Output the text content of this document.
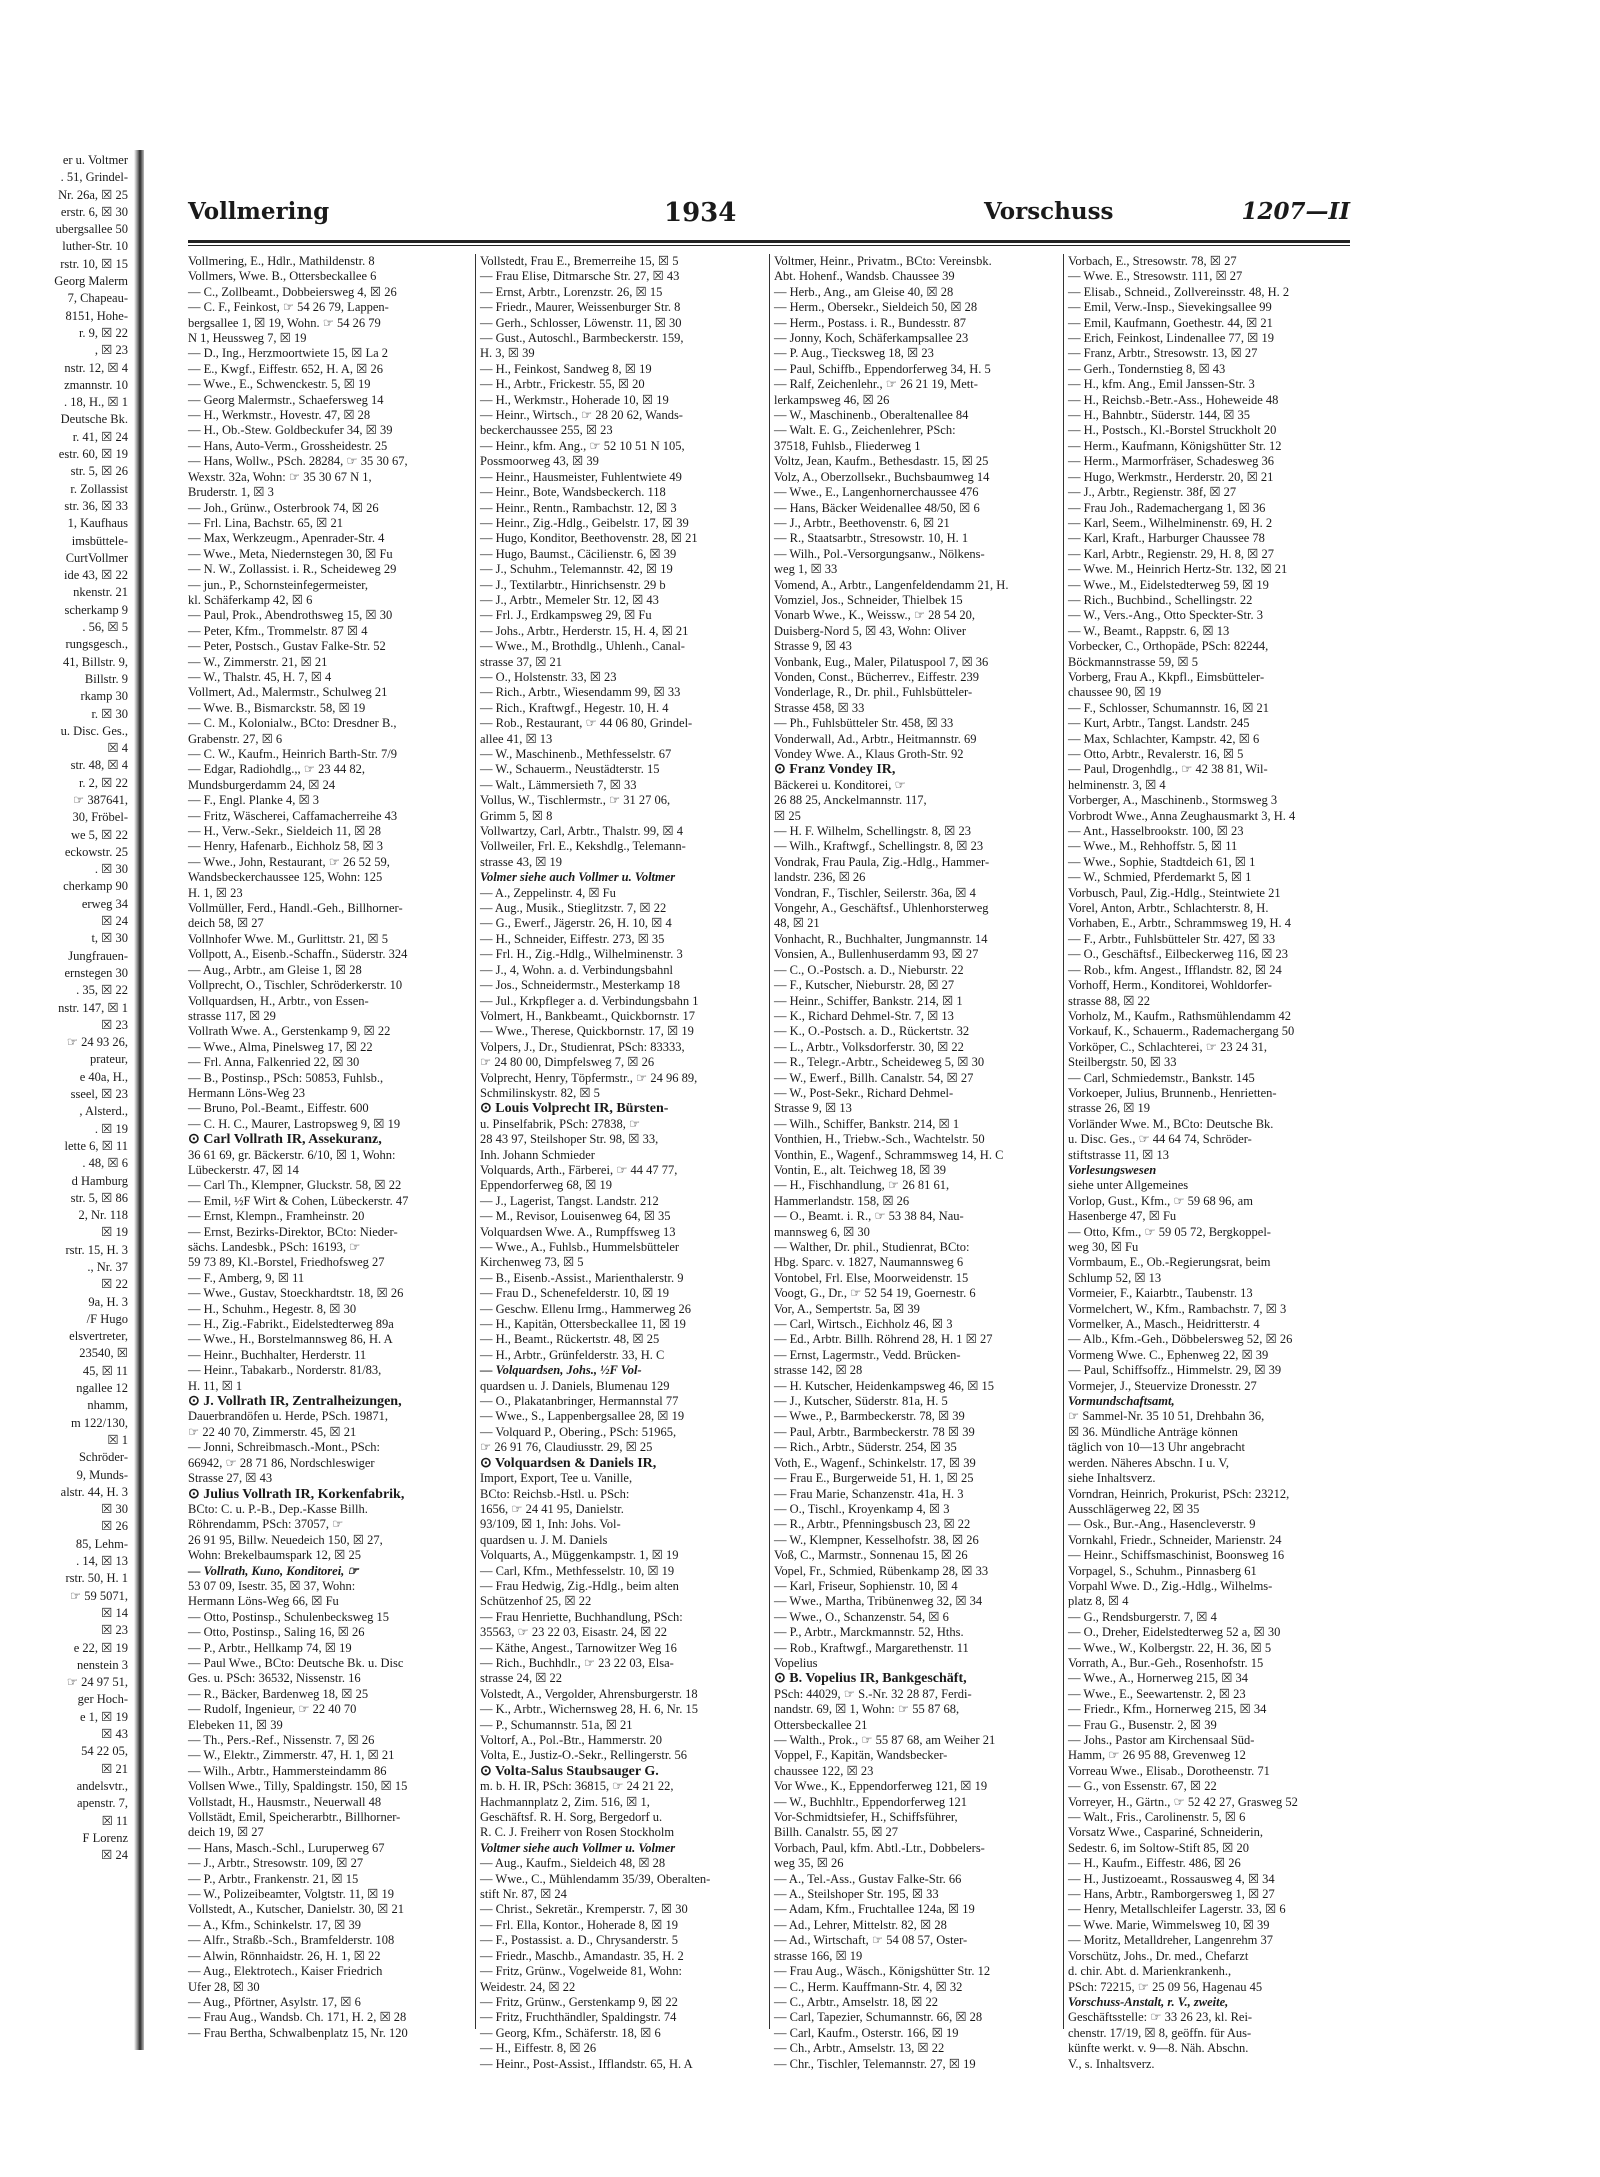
er u. Voltmer
. 51, Grindel-
Nr. 26a, ☒ 25
erstr. 6, ☒ 30
ubergsallee 50
luther-Str. 10
rstr. 10, ☒ 15
Georg Malerm
7, Chapeau-
8151, Hohe-
r. 9, ☒ 22
, ☒ 23
nstr. 12, ☒ 4
zmannstr. 10
. 18, H., ☒ 1
Deutsche Bk.
r. 41, ☒ 24
estr. 60, ☒ 19
str. 5, ☒ 26
r. Zollassist
str. 36, ☒ 33
1, Kaufhaus
imsbüttele-
CurtVollmer
ide 43, ☒ 22
nkenstr. 21
scherkamp 9
. 56, ☒ 5
rungsgesch.,
41, Billstr. 9,
Billstr. 9
rkamp 30
r. ☒ 30
u. Disc. Ges.,
☒ 4
str. 48, ☒ 4
r. 2, ☒ 22
☞ 387641,
30, Fröbel-
we 5, ☒ 22
eckowstr. 25
. ☒ 30
cherkamp 90
erweg 34
☒ 24
t, ☒ 30
Jungfrauen-
ernstegen 30
. 35, ☒ 22
nstr. 147, ☒ 1
☒ 23
☞ 24 93 26,
prateur,
e 40a, H.,
sseel, ☒ 23
, Alsterd.,
. ☒ 19
lette 6, ☒ 11
. 48, ☒ 6
d Hamburg
str. 5, ☒ 86
2, Nr. 118
☒ 19
rstr. 15, H. 3
., Nr. 37
☒ 22
9a, H. 3
/F Hugo
elsvertreter,
23540, ☒
45, ☒ 11
ngallee 12
nhamm,
m 122/130,
☒ 1
Schröder-
9, Munds-
alstr. 44, H. 3
☒ 30
☒ 26
85, Lehm-
. 14, ☒ 13
rstr. 50, H. 1
☞ 59 5071,
☒ 14
☒ 23
e 22, ☒ 19
nenstein 3
☞ 24 97 51,
ger Hoch-
e 1, ☒ 19
☒ 43
54 22 05,
☒ 21
andelsvtr.,
apenstr. 7,
☒ 11
F Lorenz
☒ 24
Vollmering	1934	Vorschuss	1207—II
Vollmering, E., Hdlr., Mathildenstr. 8
Vollmers, Wwe. B., Ottersbeckallee 6
— C., Zollbeamt., Dobbeiersweg 4, ☒ 26
— C. F., Feinkost, ☞ 54 26 79, Lappen-
bergsallee 1, ☒ 19, Wohn. ☞ 54 26 79
N 1, Heussweg 7, ☒ 19
— D., Ing., Herzmoortwiete 15, ☒ La 2
— E., Kwgf., Eiffestr. 652, H. A, ☒ 26
— Wwe., E., Schwenckestr. 5, ☒ 19
— Georg Malermstr., Schaefersweg 14
— H., Werkmstr., Hovestr. 47, ☒ 28
— H., Ob.-Stew. Goldbeckufer 34, ☒ 39
— Hans, Auto-Verm., Grossheidestr. 25
— Hans, Wollw., PSch. 28284, ☞ 35 30 67,
Wexstr. 32a, Wohn: ☞ 35 30 67 N 1,
Bruderstr. 1, ☒ 3
— Joh., Grünw., Osterbrook 74, ☒ 26
— Frl. Lina, Bachstr. 65, ☒ 21
— Max, Werkzeugm., Apenrader-Str. 4
— Wwe., Meta, Niedernstegen 30, ☒ Fu
— N. W., Zollassist. i. R., Scheideweg 29
— jun., P., Schornsteinfegermeister,
kl. Schäferkamp 42, ☒ 6
— Paul, Prok., Abendrothsweg 15, ☒ 30
— Peter, Kfm., Trommelstr. 87 ☒ 4
— Peter, Postsch., Gustav Falke-Str. 52
— W., Zimmerstr. 21, ☒ 21
— W., Thalstr. 45, H. 7, ☒ 4
Vollmert, Ad., Malermstr., Schulweg 21
— Wwe. B., Bismarckstr. 58, ☒ 19
— C. M., Kolonialw., BCto: Dresdner B.,
Grabenstr. 27, ☒ 6
— C. W., Kaufm., Heinrich Barth-Str. 7/9
— Edgar, Radiohdlg.,, ☞ 23 44 82,
Mundsburgerdamm 24, ☒ 24
— F., Engl. Planke 4, ☒ 3
— Fritz, Wäscherei, Caffamacherreihe 43
— H., Verw.-Sekr., Sieldeich 11, ☒ 28
— Henry, Hafenarb., Eichholz 58, ☒ 3
— Wwe., John, Restaurant, ☞ 26 52 59,
Wandsbeckerchaussee 125, Wohn: 125
H. 1, ☒ 23
Vollmüller, Ferd., Handl.-Geh., Billhorner-
deich 58, ☒ 27
Vollnhofer Wwe. M., Gurlittstr. 21, ☒ 5
Vollpott, A., Eisenb.-Schaffn., Süderstr. 324
— Aug., Arbtr., am Gleise 1, ☒ 28
Vollprecht, O., Tischler, Schröderkerstr. 10
Vollquardsen, H., Arbtr., von Essen-
strasse 117, ☒ 29
Vollrath Wwe. A., Gerstenkamp 9, ☒ 22
— Wwe., Alma, Pinelsweg 17, ☒ 22
— Frl. Anna, Falkenried 22, ☒ 30
— B., Postinsp., PSch: 50853, Fuhlsb.,
Hermann Löns-Weg 23
— Bruno, Pol.-Beamt., Eiffestr. 600
— C. H. C., Maurer, Lastropsweg 9, ☒ 19
⊙ Carl Vollrath IR, Assekuranz,
36 61 69, gr. Bäckerstr. 6/10, ☒ 1, Wohn:
Lübeckerstr. 47, ☒ 14
— Carl Th., Klempner, Gluckstr. 58, ☒ 22
— Emil, ½F Wirt & Cohen, Lübeckerstr. 47
— Ernst, Klempn., Framheinstr. 20
— Ernst, Bezirks-Direktor, BCto: Nieder-
sächs. Landesbk., PSch: 16193, ☞
59 73 89, Kl.-Borstel, Friedhofsweg 27
— F., Amberg, 9, ☒ 11
— Wwe., Gustav, Stoeckhardtstr. 18, ☒ 26
— H., Schuhm., Hegestr. 8, ☒ 30
— H., Zig.-Fabrikt., Eidelstedterweg 89a
— Wwe., H., Borstelmannsweg 86, H. A
— Heinr., Buchhalter, Herderstr. 11
— Heinr., Tabakarb., Norderstr. 81/83,
H. 11, ☒ 1
⊙ J. Vollrath IR, Zentralheizungen,
Dauerbrandöfen u. Herde, PSch. 19871,
☞ 22 40 70, Zimmerstr. 45, ☒ 21
— Jonni, Schreibmasch.-Mont., PSch:
66942, ☞ 28 71 86, Nordschleswiger
Strasse 27, ☒ 43
⊙ Julius Vollrath IR, Korkenfabrik,
BCto: C. u. P.-B., Dep.-Kasse Billh.
Röhrendamm, PSch: 37057, ☞
26 91 95, Billw. Neuedeich 150, ☒ 27,
Wohn: Brekelbaumspark 12, ☒ 25
— Vollrath, Kuno, Konditorei, ☞
53 07 09, Isestr. 35, ☒ 37, Wohn:
Hermann Löns-Weg 66, ☒ Fu
— Otto, Postinsp., Schulenbecksweg 15
— Otto, Postinsp., Saling 16, ☒ 26
— P., Arbtr., Hellkamp 74, ☒ 19
— Paul Wwe., BCto: Deutsche Bk. u. Disc
Ges. u. PSch: 36532, Nissenstr. 16
— R., Bäcker, Bardenweg 18, ☒ 25
— Rudolf, Ingenieur, ☞ 22 40 70
Elebeken 11, ☒ 39
— Th., Pers.-Ref., Nissenstr. 7, ☒ 26
— W., Elektr., Zimmerstr. 47, H. 1, ☒ 21
— Wilh., Arbtr., Hammersteindamm 86
Vollsen Wwe., Tilly, Spaldingstr. 150, ☒ 15
Vollstadt, H., Hausmstr., Neuerwall 48
Vollstädt, Emil, Speicherarbtr., Billhorner-
deich 19, ☒ 27
— Hans, Masch.-Schl., Luruperweg 67
— J., Arbtr., Stresowstr. 109, ☒ 27
— P., Arbtr., Frankenstr. 21, ☒ 15
— W., Polizeibeamter, Volgtstr. 11, ☒ 19
Vollstedt, A., Kutscher, Danielstr. 30, ☒ 21
— A., Kfm., Schinkelstr. 17, ☒ 39
— Alfr., Straßb.-Sch., Bramfelderstr. 108
— Alwin, Rönnhaidstr. 26, H. 1, ☒ 22
— Aug., Elektrotech., Kaiser Friedrich
Ufer 28, ☒ 30
— Aug., Pförtner, Asylstr. 17, ☒ 6
— Frau Aug., Wandsb. Ch. 171, H. 2, ☒ 28
— Frau Bertha, Schwalbenplatz 15, Nr. 120
Vollstedt, Frau E., Bremerreihe 15, ☒ 5
— Frau Elise, Ditmarsche Str. 27, ☒ 43
— Ernst, Arbtr., Lorenzstr. 26, ☒ 15
— Friedr., Maurer, Weissenburger Str. 8
— Gerh., Schlosser, Löwenstr. 11, ☒ 30
— Gust., Autoschl., Barmbeckerstr. 159,
H. 3, ☒ 39
— H., Feinkost, Sandweg 8, ☒ 19
— H., Arbtr., Frickestr. 55, ☒ 20
— H., Werkmstr., Hoherade 10, ☒ 19
— Heinr., Wirtsch., ☞ 28 20 62, Wands-
beckerchaussee 255, ☒ 23
— Heinr., kfm. Ang., ☞ 52 10 51 N 105,
Possmoorweg 43, ☒ 39
— Heinr., Hausmeister, Fuhlentwiete 49
— Heinr., Bote, Wandsbeckerch. 118
— Heinr., Rentn., Rambachstr. 12, ☒ 3
— Heinr., Zig.-Hdlg., Geibelstr. 17, ☒ 39
— Hugo, Konditor, Beethovenstr. 28, ☒ 21
— Hugo, Baumst., Cäcilienstr. 6, ☒ 39
— J., Schuhm., Telemannstr. 42, ☒ 19
— J., Textilarbtr., Hinrichsenstr. 29 b
— J., Arbtr., Memeler Str. 12, ☒ 43
— Frl. J., Erdkampsweg 29, ☒ Fu
— Johs., Arbtr., Herderstr. 15, H. 4, ☒ 21
— Wwe., M., Brothdlg., Uhlenh., Canal-
strasse 37, ☒ 21
— O., Holstenstr. 33, ☒ 23
— Rich., Arbtr., Wiesendamm 99, ☒ 33
— Rich., Kraftwgf., Hegestr. 10, H. 4
— Rob., Restaurant, ☞ 44 06 80, Grindel-
allee 41, ☒ 13
— W., Maschinenb., Methfesselstr. 67
— W., Schauerm., Neustädterstr. 15
— Walt., Lämmersieth 7, ☒ 33
Vollus, W., Tischlermstr., ☞ 31 27 06,
Grimm 5, ☒ 8
Vollwartzy, Carl, Arbtr., Thalstr. 99, ☒ 4
Vollweiler, Frl. E., Kekshdlg., Telemann-
strasse 43, ☒ 19
Volmer siehe auch Vollmer u. Voltmer
— A., Zeppelinstr. 4, ☒ Fu
— Aug., Musik., Stieglitzstr. 7, ☒ 22
— G., Ewerf., Jägerstr. 26, H. 10, ☒ 4
— H., Schneider, Eiffestr. 273, ☒ 35
— Frl. H., Zig.-Hdlg., Wilhelminenstr. 3
— J., 4, Wohn. a. d. Verbindungsbahnl
— Jos., Schneidermstr., Mesterkamp 18
— Jul., Krkpfleger a. d. Verbindungsbahn 1
Volmert, H., Bankbeamt., Quickbornstr. 17
— Wwe., Therese, Quickbornstr. 17, ☒ 19
Volpers, J., Dr., Studienrat, PSch: 83333,
☞ 24 80 00, Dimpfelsweg 7, ☒ 26
Volprecht, Henry, Töpfermstr., ☞ 24 96 89,
Schmilinskystr. 82, ☒ 5
⊙ Louis Volprecht IR, Bürsten-
u. Pinselfabrik, PSch: 27838, ☞
28 43 97, Steilshoper Str. 98, ☒ 33,
Inh. Johann Schmieder
Volquards, Arth., Färberei, ☞ 44 47 77,
Eppendorferweg 68, ☒ 19
— J., Lagerist, Tangst. Landstr. 212
— M., Revisor, Louisenweg 64, ☒ 35
Volquardsen Wwe. A., Rumpffsweg 13
— Wwe., A., Fuhlsb., Hummelsbütteler
Kirchenweg 73, ☒ 5
— B., Eisenb.-Assist., Marienthalerstr. 9
— Frau D., Schenefelderstr. 10, ☒ 19
— Geschw. Ellenu Irmg., Hammerweg 26
— H., Kapitän, Ottersbeckallee 11, ☒ 19
— H., Beamt., Rückertstr. 48, ☒ 25
— H., Arbtr., Grünfelderstr. 33, H. C
— Volquardsen, Johs., ½F Vol-
quardsen u. J. Daniels, Blumenau 129
— O., Plakatanbringer, Hermannstal 77
— Wwe., S., Lappenbergsallee 28, ☒ 19
— Volquard P., Obering., PSch: 51965,
☞ 26 91 76, Claudiusstr. 29, ☒ 25
⊙ Volquardsen & Daniels IR,
Import, Export, Tee u. Vanille,
BCto: Reichsb.-Hstl. u. PSch:
1656, ☞ 24 41 95, Danielstr.
93/109, ☒ 1, Inh: Johs. Vol-
quardsen u. J. M. Daniels
Volquarts, A., Müggenkampstr. 1, ☒ 19
— Carl, Kfm., Methfesselstr. 10, ☒ 19
— Frau Hedwig, Zig.-Hdlg., beim alten
Schützenhof 25, ☒ 22
— Frau Henriette, Buchhandlung, PSch:
35563, ☞ 23 22 03, Eisastr. 24, ☒ 22
— Käthe, Angest., Tarnowitzer Weg 16
— Rich., Buchhdlr., ☞ 23 22 03, Elsa-
strasse 24, ☒ 22
Volstedt, A., Vergolder, Ahrensburgerstr. 18
— K., Arbtr., Wichernsweg 28, H. 6, Nr. 15
— P., Schumannstr. 51a, ☒ 21
Voltorf, A., Pol.-Btr., Hammerstr. 20
Volta, E., Justiz-O.-Sekr., Rellingerstr. 56
⊙ Volta-Salus Staubsauger G.
m. b. H. IR, PSch: 36815, ☞ 24 21 22,
Hachmannplatz 2, Zim. 516, ☒ 1,
Geschäftsf. R. H. Sorg, Bergedorf u.
R. C. J. Freiherr von Rosen Stockholm
Voltmer siehe auch Vollmer u. Volmer
— Aug., Kaufm., Sieldeich 48, ☒ 28
— Wwe., C., Mühlendamm 35/39, Oberalten-
stift Nr. 87, ☒ 24
— Christ., Sekretär., Kremperstr. 7, ☒ 30
— Frl. Ella, Kontor., Hoherade 8, ☒ 19
— F., Postassist. a. D., Chrysanderstr. 5
— Friedr., Maschb., Amandastr. 35, H. 2
— Fritz, Grünw., Vogelweide 81, Wohn:
Weidestr. 24, ☒ 22
— Fritz, Grünw., Gerstenkamp 9, ☒ 22
— Fritz, Fruchthändler, Spaldingstr. 74
— Georg, Kfm., Schäferstr. 18, ☒ 6
— H., Eiffestr. 8, ☒ 26
— Heinr., Post-Assist., Ifflandstr. 65, H. A
Voltmer, Heinr., Privatm., BCto: Vereinsbk.
Abt. Hohenf., Wandsb. Chaussee 39
— Herb., Ang., am Gleise 40, ☒ 28
— Herm., Obersekr., Sieldeich 50, ☒ 28
— Herm., Postass. i. R., Bundesstr. 87
— Jonny, Koch, Schäferkampsallee 23
— P. Aug., Tiecksweg 18, ☒ 23
— Paul, Schiffb., Eppendorferweg 34, H. 5
— Ralf, Zeichenlehr., ☞ 26 21 19, Mett-
lerkampsweg 46, ☒ 26
— W., Maschinenb., Oberaltenallee 84
— Walt. E. G., Zeichenlehrer, PSch:
37518, Fuhlsb., Fliederweg 1
Voltz, Jean, Kaufm., Bethesdastr. 15, ☒ 25
Volz, A., Oberzollsekr., Buchsbaumweg 14
— Wwe., E., Langenhornerchaussee 476
— Hans, Bäcker Weidenallee 48/50, ☒ 6
— J., Arbtr., Beethovenstr. 6, ☒ 21
— R., Staatsarbtr., Stresowstr. 10, H. 1
— Wilh., Pol.-Versorgungsanw., Nölkens-
weg 1, ☒ 33
Vomend, A., Arbtr., Langenfeldendamm 21, H.
Vomziel, Jos., Schneider, Thielbek 15
Vonarb Wwe., K., Weissw., ☞ 28 54 20,
Duisberg-Nord 5, ☒ 43, Wohn: Oliver
Strasse 9, ☒ 43
Vonbank, Eug., Maler, Pilatuspool 7, ☒ 36
Vonden, Const., Bücherrev., Eiffestr. 239
Vonderlage, R., Dr. phil., Fuhlsbütteler-
Strasse 458, ☒ 33
— Ph., Fuhlsbütteler Str. 458, ☒ 33
Vonderwall, Ad., Arbtr., Heitmannstr. 69
Vondey Wwe. A., Klaus Groth-Str. 92
⊙ Franz Vondey IR,
Bäckerei u. Konditorei, ☞
26 88 25, Anckelmannstr. 117,
☒ 25
— H. F. Wilhelm, Schellingstr. 8, ☒ 23
— Wilh., Kraftwgf., Schellingstr. 8, ☒ 23
Vondrak, Frau Paula, Zig.-Hdlg., Hammer-
landstr. 236, ☒ 26
Vondran, F., Tischler, Seilerstr. 36a, ☒ 4
Vongehr, A., Geschäftsf., Uhlenhorsterweg
48, ☒ 21
Vonhacht, R., Buchhalter, Jungmannstr. 14
Vonsien, A., Bullenhuserdamm 93, ☒ 27
— C., O.-Postsch. a. D., Nieburstr. 22
— F., Kutscher, Nieburstr. 28, ☒ 27
— Heinr., Schiffer, Bankstr. 214, ☒ 1
— K., Richard Dehmel-Str. 7, ☒ 13
— K., O.-Postsch. a. D., Rückertstr. 32
— L., Arbtr., Volksdorferstr. 30, ☒ 22
— R., Telegr.-Arbtr., Scheideweg 5, ☒ 30
— W., Ewerf., Billh. Canalstr. 54, ☒ 27
— W., Post-Sekr., Richard Dehmel-
Strasse 9, ☒ 13
— Wilh., Schiffer, Bankstr. 214, ☒ 1
Vonthien, H., Triebw.-Sch., Wachtelstr. 50
Vonthin, E., Wagenf., Schrammsweg 14, H. C
Vontin, E., alt. Teichweg 18, ☒ 39
— H., Fischhandlung, ☞ 26 81 61,
Hammerlandstr. 158, ☒ 26
— O., Beamt. i. R., ☞ 53 38 84, Nau-
mannsweg 6, ☒ 30
— Walther, Dr. phil., Studienrat, BCto:
Hbg. Sparc. v. 1827, Naumannsweg 6
Vontobel, Frl. Else, Moorweidenstr. 15
Voogt, G., Dr., ☞ 52 54 19, Goernestr. 6
Vor, A., Sempertstr. 5a, ☒ 39
— Carl, Wirtsch., Eichholz 46, ☒ 3
— Ed., Arbtr. Billh. Röhrend 28, H. 1 ☒ 27
— Ernst, Lagermstr., Vedd. Brücken-
strasse 142, ☒ 28
— H. Kutscher, Heidenkampsweg 46, ☒ 15
— J., Kutscher, Süderstr. 81a, H. 5
— Wwe., P., Barmbeckerstr. 78, ☒ 39
— Paul, Arbtr., Barmbeckerstr. 78 ☒ 39
— Rich., Arbtr., Süderstr. 254, ☒ 35
Voth, E., Wagenf., Schinkelstr. 17, ☒ 39
— Frau E., Burgerweide 51, H. 1, ☒ 25
— Frau Marie, Schanzenstr. 41a, H. 3
— O., Tischl., Kroyenkamp 4, ☒ 3
— R., Arbtr., Pfenningsbusch 23, ☒ 22
— W., Klempner, Kesselhofstr. 38, ☒ 26
Voß, C., Marmstr., Sonnenau 15, ☒ 26
Vopel, Fr., Schmied, Rübenkamp 28, ☒ 33
— Karl, Friseur, Sophienstr. 10, ☒ 4
— Wwe., Martha, Tribünenweg 32, ☒ 34
— Wwe., O., Schanzenstr. 54, ☒ 6
— P., Arbtr., Marckmannstr. 52, Hths.
— Rob., Kraftwgf., Margarethenstr. 11
Vopelius
⊙ B. Vopelius IR, Bankgeschäft,
PSch: 44029, ☞ S.-Nr. 32 28 87, Ferdi-
nandstr. 69, ☒ 1, Wohn: ☞ 55 87 68,
Ottersbeckallee 21
— Walth., Prok., ☞ 55 87 68, am Weiher 21
Voppel, F., Kapitän, Wandsbecker-
chaussee 122, ☒ 23
Vor Wwe., K., Eppendorferweg 121, ☒ 19
— W., Buchhltr., Eppendorferweg 121
Vor-Schmidtsiefer, H., Schiffsführer,
Billh. Canalstr. 55, ☒ 27
Vorbach, Paul, kfm. Abtl.-Ltr., Dobbelers-
weg 35, ☒ 26
— A., Tel.-Ass., Gustav Falke-Str. 66
— A., Steilshoper Str. 195, ☒ 33
— Adam, Kfm., Fruchtallee 124a, ☒ 19
— Ad., Lehrer, Mittelstr. 82, ☒ 28
— Ad., Wirtschaft, ☞ 54 08 57, Oster-
strasse 166, ☒ 19
— Frau Aug., Wäsch., Königshütter Str. 12
— C., Herm. Kauffmann-Str. 4, ☒ 32
— C., Arbtr., Amselstr. 18, ☒ 22
— Carl, Tapezier, Schumannstr. 66, ☒ 28
— Carl, Kaufm., Osterstr. 166, ☒ 19
— Ch., Arbtr., Amselstr. 13, ☒ 22
— Chr., Tischler, Telemannstr. 27, ☒ 19
Vorbach, E., Stresowstr. 78, ☒ 27
— Wwe. E., Stresowstr. 111, ☒ 27
— Elisab., Schneid., Zollvereinsstr. 48, H. 2
— Emil, Verw.-Insp., Sievekingsallee 99
— Emil, Kaufmann, Goethestr. 44, ☒ 21
— Erich, Feinkost, Lindenallee 77, ☒ 19
— Franz, Arbtr., Stresowstr. 13, ☒ 27
— Gerh., Tondernstieg 8, ☒ 43
— H., kfm. Ang., Emil Janssen-Str. 3
— H., Reichsb.-Betr.-Ass., Hoheweide 48
— H., Bahnbtr., Süderstr. 144, ☒ 35
— H., Postsch., Kl.-Borstel Struckholt 20
— Herm., Kaufmann, Königshütter Str. 12
— Herm., Marmorfräser, Schadesweg 36
— Hugo, Werkmstr., Herderstr. 20, ☒ 21
— J., Arbtr., Regienstr. 38f, ☒ 27
— Frau Joh., Rademachergang 1, ☒ 36
— Karl, Seem., Wilhelminenstr. 69, H. 2
— Karl, Kraft., Harburger Chaussee 78
— Karl, Arbtr., Regienstr. 29, H. 8, ☒ 27
— Wwe. M., Heinrich Hertz-Str. 132, ☒ 21
— Wwe., M., Eidelstedterweg 59, ☒ 19
— Rich., Buchbind., Schellingstr. 22
— W., Vers.-Ang., Otto Speckter-Str. 3
— W., Beamt., Rappstr. 6, ☒ 13
Vorbecker, C., Orthopäde, PSch: 82244,
Böckmannstrasse 59, ☒ 5
Vorberg, Frau A., Kkpfl., Eimsbütteler-
chaussee 90, ☒ 19
— F., Schlosser, Schumannstr. 16, ☒ 21
— Kurt, Arbtr., Tangst. Landstr. 245
— Max, Schlachter, Kampstr. 42, ☒ 6
— Otto, Arbtr., Revalerstr. 16, ☒ 5
— Paul, Drogenhdlg., ☞ 42 38 81, Wil-
helminenstr. 3, ☒ 4
Vorberger, A., Maschinenb., Stormsweg 3
Vorbrodt Wwe., Anna Zeughausmarkt 3, H. 4
— Ant., Hasselbrookstr. 100, ☒ 23
— Wwe., M., Rehhoffstr. 5, ☒ 11
— Wwe., Sophie, Stadtdeich 61, ☒ 1
— W., Schmied, Pferdemarkt 5, ☒ 1
Vorbusch, Paul, Zig.-Hdlg., Steintwiete 21
Vorel, Anton, Arbtr., Schlachterstr. 8, H.
Vorhaben, E., Arbtr., Schrammsweg 19, H. 4
— F., Arbtr., Fuhlsbütteler Str. 427, ☒ 33
— O., Geschäftsf., Eilbeckerweg 116, ☒ 23
— Rob., kfm. Angest., Ifflandstr. 82, ☒ 24
Vorhoff, Herm., Konditorei, Wohldorfer-
strasse 88, ☒ 22
Vorholz, M., Kaufm., Rathsmühlendamm 42
Vorkauf, K., Schauerm., Rademachergang 50
Vorköper, C., Schlachterei, ☞ 23 24 31,
Steilbergstr. 50, ☒ 33
— Carl, Schmiedemstr., Bankstr. 145
Vorkoeper, Julius, Brunnenb., Henrietten-
strasse 26, ☒ 19
Vorländer Wwe. M., BCto: Deutsche Bk.
u. Disc. Ges., ☞ 44 64 74, Schröder-
stiftstrasse 11, ☒ 13
Vorlesungswesen
siehe unter Allgemeines
Vorlop, Gust., Kfm., ☞ 59 68 96, am
Hasenberge 47, ☒ Fu
— Otto, Kfm., ☞ 59 05 72, Bergkoppel-
weg 30, ☒ Fu
Vormbaum, E., Ob.-Regierungsrat, beim
Schlump 52, ☒ 13
Vormeier, F., Kaiarbtr., Taubenstr. 13
Vormelchert, W., Kfm., Rambachstr. 7, ☒ 3
Vormelker, A., Masch., Heidritterstr. 4
— Alb., Kfm.-Geh., Döbbelersweg 52, ☒ 26
Vormeng Wwe. C., Ephenweg 22, ☒ 39
— Paul, Schiffsoffz., Himmelstr. 29, ☒ 39
Vormejer, J., Steuervize Dronesstr. 27
Vormundschaftsamt,
☞ Sammel-Nr. 35 10 51, Drehbahn 36,
☒ 36. Mündliche Anträge können
täglich von 10—13 Uhr angebracht
werden. Näheres Abschn. I u. V,
siehe Inhaltsverz.
Vorndran, Heinrich, Prokurist, PSch: 23212,
Ausschlägerweg 22, ☒ 35
— Osk., Bur.-Ang., Hasencleverstr. 9
Vornkahl, Friedr., Schneider, Marienstr. 24
— Heinr., Schiffsmaschinist, Boonsweg 16
Vorpagel, S., Schuhm., Pinnasberg 61
Vorpahl Wwe. D., Zig.-Hdlg., Wilhelms-
platz 8, ☒ 4
— G., Rendsburgerstr. 7, ☒ 4
— O., Dreher, Eidelstedterweg 52 a, ☒ 30
— Wwe., W., Kolbergstr. 22, H. 36, ☒ 5
Vorrath, A., Bur.-Geh., Rosenhofstr. 15
— Wwe., A., Hornerweg 215, ☒ 34
— Wwe., E., Seewartenstr. 2, ☒ 23
— Friedr., Kfm., Hornerweg 215, ☒ 34
— Frau G., Busenstr. 2, ☒ 39
— Johs., Pastor am Kirchensaal Süd-
Hamm, ☞ 26 95 88, Grevenweg 12
Vorreau Wwe., Elisab., Dorotheenstr. 71
— G., von Essenstr. 67, ☒ 22
Vorreyer, H., Gärtn., ☞ 52 42 27, Grasweg 52
— Walt., Fris., Carolinenstr. 5, ☒ 6
Vorsatz Wwe., Caspariné, Schneiderin,
Sedestr. 6, im Soltow-Stift 85, ☒ 20
— H., Kaufm., Eiffestr. 486, ☒ 26
— H., Justizoeamt., Rossausweg 4, ☒ 34
— Hans, Arbtr., Ramborgersweg 1, ☒ 27
— Henry, Metallschleifer Lagerstr. 33, ☒ 6
— Wwe. Marie, Wimmelsweg 10, ☒ 39
— Moritz, Metalldreher, Langenrehm 37
Vorschütz, Johs., Dr. med., Chefarzt
d. chir. Abt. d. Marienkrankenh.,
PSch: 72215, ☞ 25 09 56, Hagenau 45
Vorschuss-Anstalt, r. V., zweite,
Geschäftsstelle: ☞ 33 26 23, kl. Rei-
chenstr. 17/19, ☒ 8, geöffn. für Aus-
künfte werkt. v. 9—8. Näh. Abschn.
V., s. Inhaltsverz.
